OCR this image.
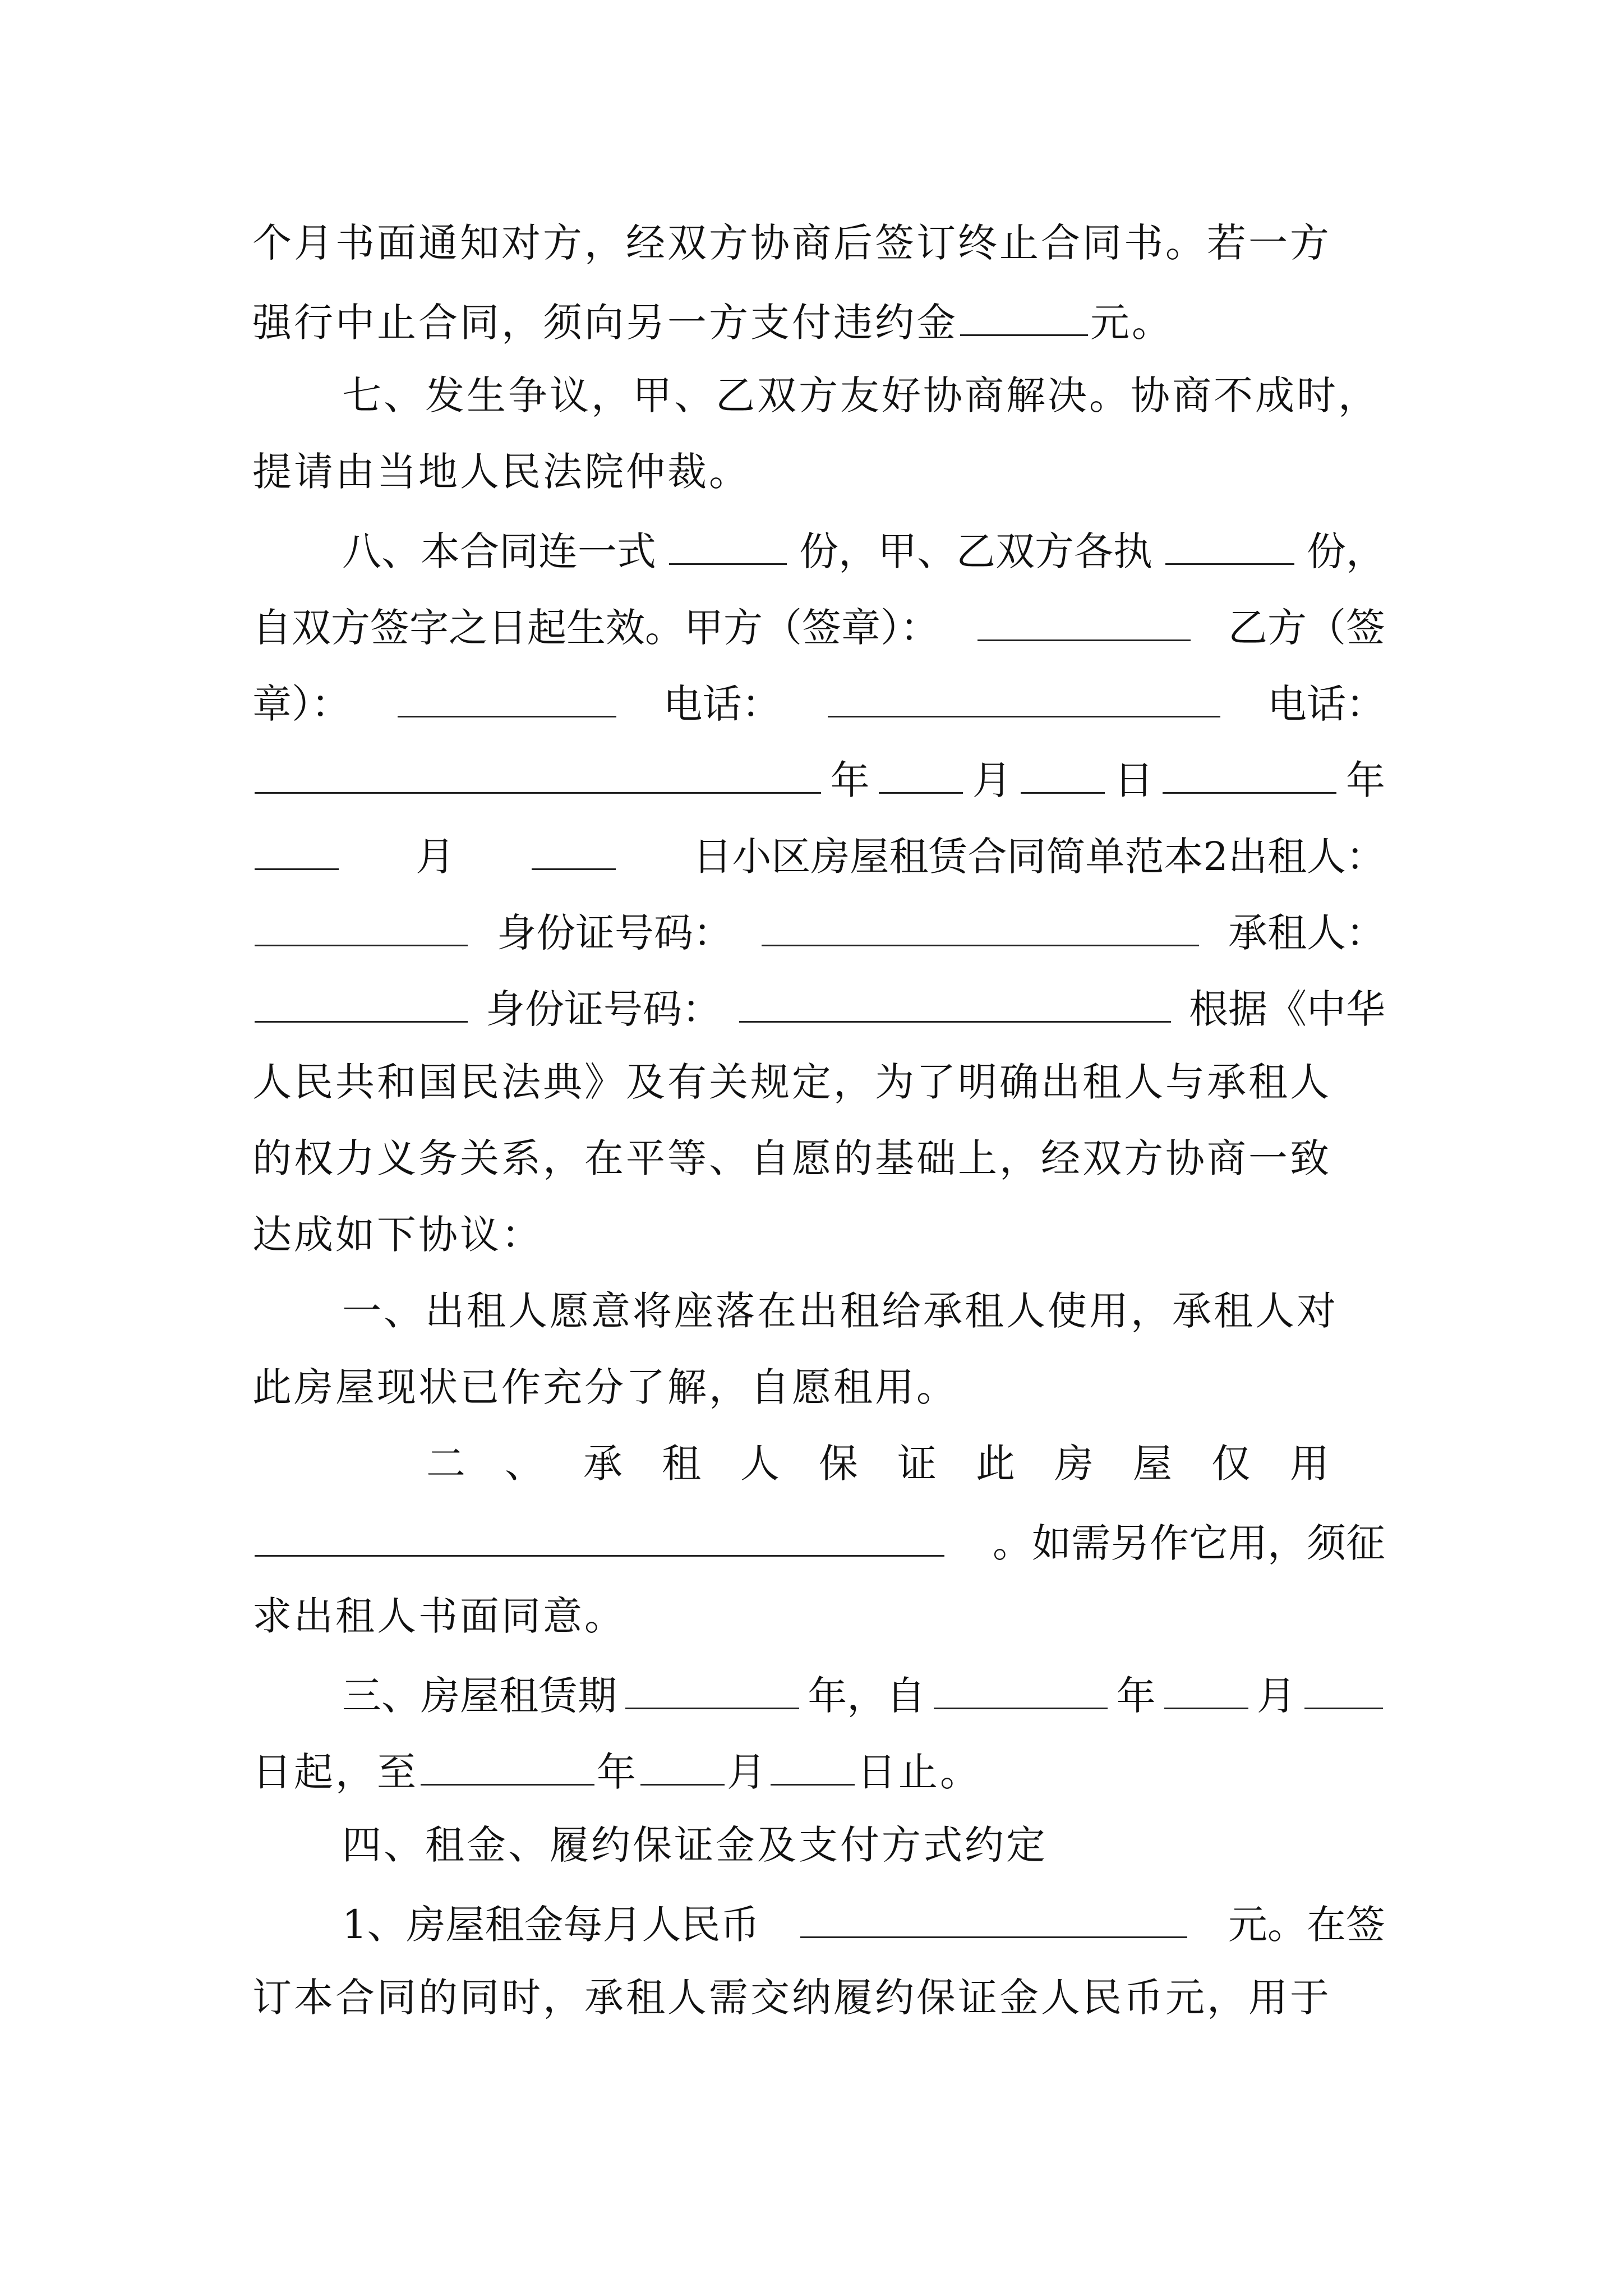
个月书面通知对方，经双方协商后签订终止合同书。若一方

强行中止合同，须向另一方支付违约金	元。

七、发生争议，甲、乙双方友好协商解决。协商不成时，

提请由当地人民法院仲裁。

八、本合同连一式	份，甲、乙双方各执	份，

自双方签字之日起生效。甲方（签章）：	乙方（签

章）：	电话：	电话：

年	月	日	年

月	日小区房屋租赁合同简单范本2出租人：

身份证号码：	承租人：

身份证号码：	根据《中华

人民共和国民法典》及有关规定，为了明确出租人与承租人

的权力义务关系，在平等、自愿的基础上，经双方协商一致

达成如下协议：

一、出租人愿意将座落在出租给承租人使用，承租人对

此房屋现状已作充分了解，自愿租用。

二、承租人保证此房屋仅用

。如需另作它用，须征

求出租人书面同意。

三、房屋租赁期	年，自	年	月

日起，至	年 月 日止。

四、租金、履约保证金及支付方式约定

1、房屋租金每月人民币	元。在签

订本合同的同时，承租人需交纳履约保证金人民币元，用于
